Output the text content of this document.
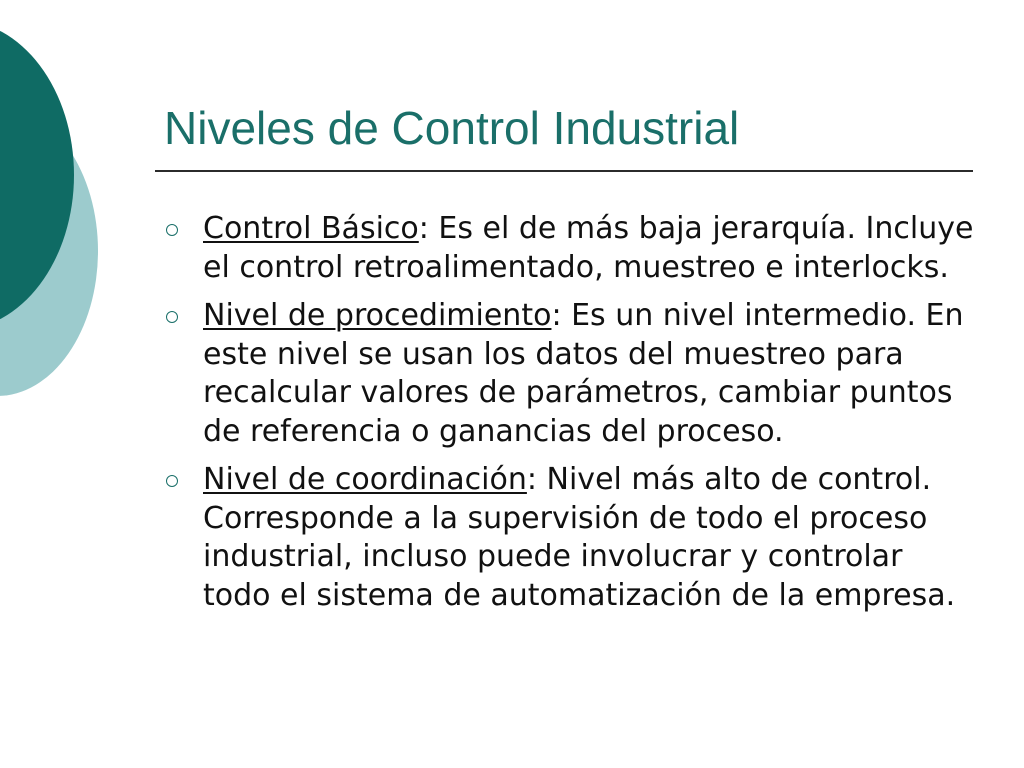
Niveles de Control Industrial
Control Básico: Es el de más baja jerarquía. Incluye el control retroalimentado, muestreo e interlocks.
Nivel de procedimiento: Es un nivel intermedio. En este nivel se usan los datos del muestreo para recalcular valores de parámetros, cambiar puntos de referencia o ganancias del proceso.
Nivel de coordinación: Nivel más alto de control. Corresponde a la supervisión de todo el proceso industrial, incluso puede involucrar y controlar todo el sistema de automatización de la empresa.
